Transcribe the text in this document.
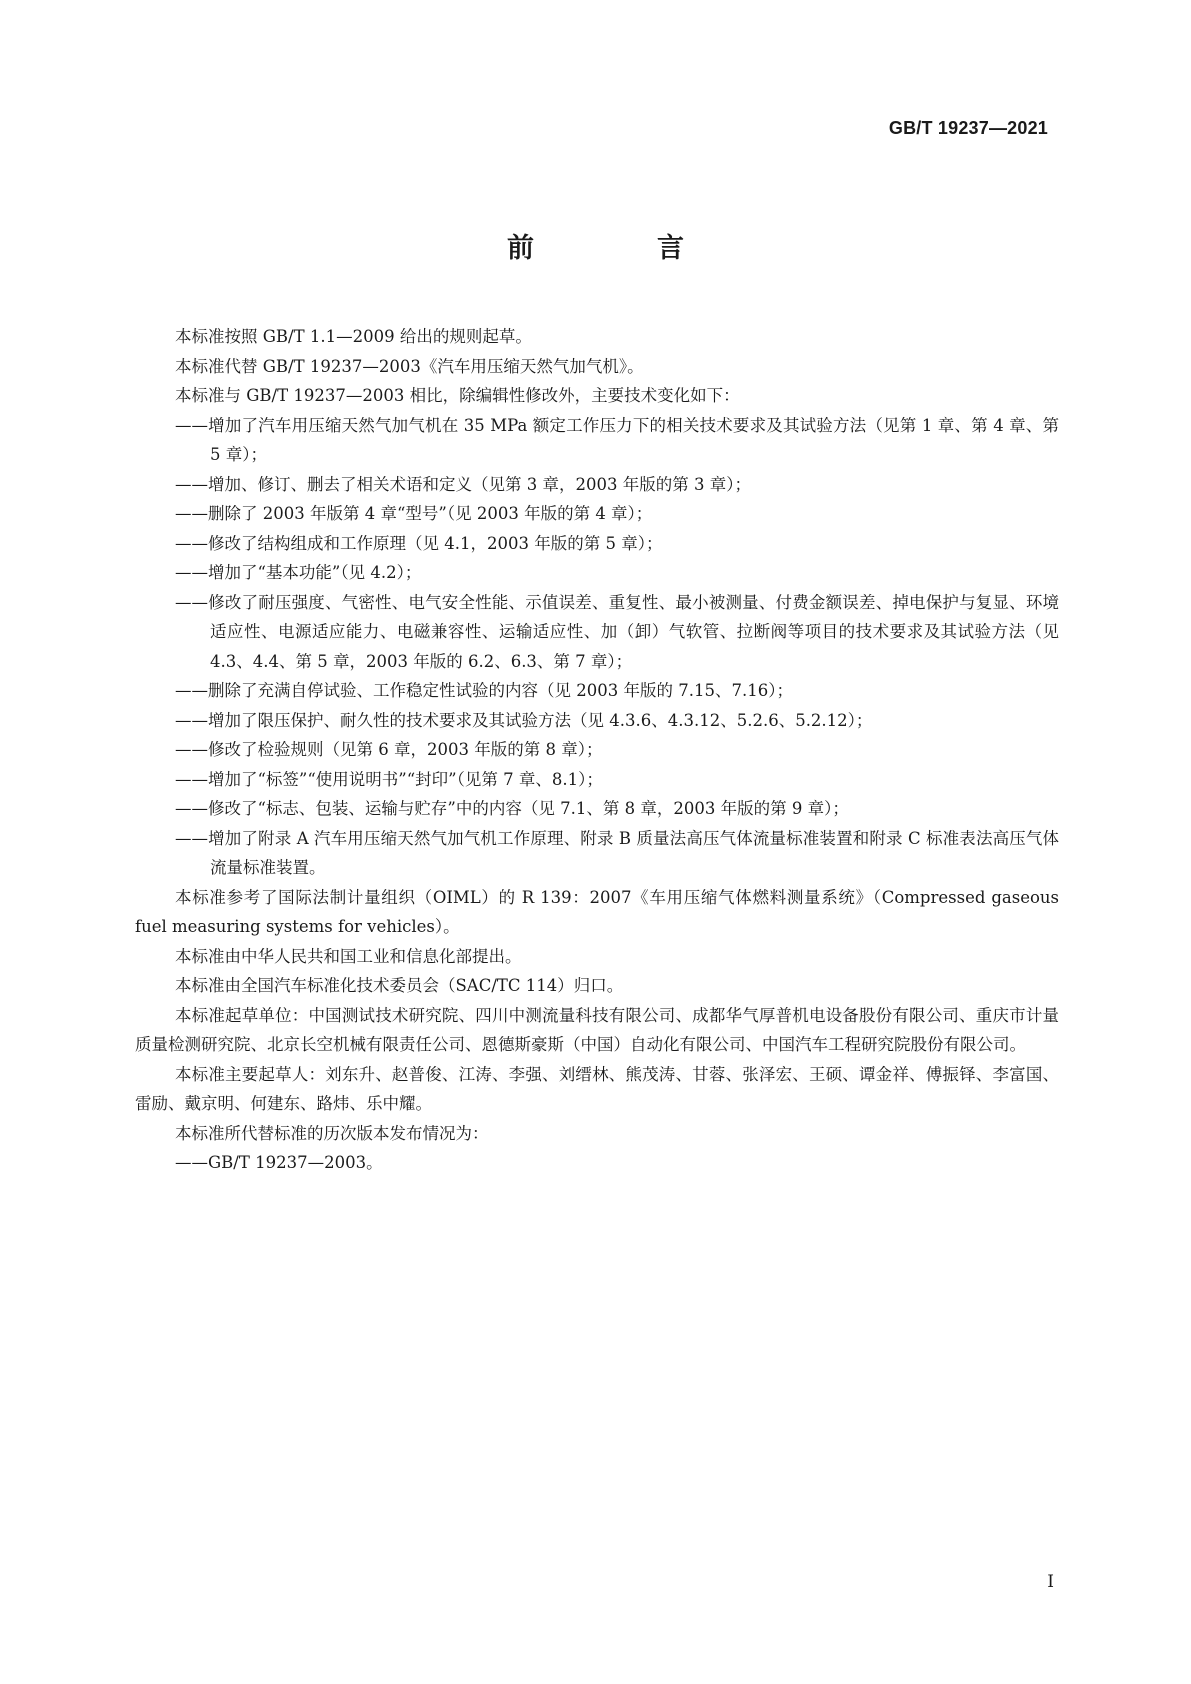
GB/T 19237—2021
前　言

本标准按照 GB/T 1.1—2009 给出的规则起草。

本标准代替 GB/T 19237—2003《汽车用压缩天然气加气机》。

本标准与 GB/T 19237—2003 相比，除编辑性修改外，主要技术变化如下：

——增加了汽车用压缩天然气加气机在 35 MPa 额定工作压力下的相关技术要求及其试验方法（见第 1 章、第 4 章、第 5 章）；

——增加、修订、删去了相关术语和定义（见第 3 章，2003 年版的第 3 章）；

——删除了 2003 年版第 4 章“型号”（见 2003 年版的第 4 章）；

——修改了结构组成和工作原理（见 4.1，2003 年版的第 5 章）；

——增加了“基本功能”（见 4.2）；

——修改了耐压强度、气密性、电气安全性能、示值误差、重复性、最小被测量、付费金额误差、掉电保护与复显、环境适应性、电源适应能力、电磁兼容性、运输适应性、加（卸）气软管、拉断阀等项目的技术要求及其试验方法（见 4.3、4.4、第 5 章，2003 年版的 6.2、6.3、第 7 章）；

——删除了充满自停试验、工作稳定性试验的内容（见 2003 年版的 7.15、7.16）；

——增加了限压保护、耐久性的技术要求及其试验方法（见 4.3.6、4.3.12、5.2.6、5.2.12）；

——修改了检验规则（见第 6 章，2003 年版的第 8 章）；

——增加了“标签”“使用说明书”“封印”（见第 7 章、8.1）；

——修改了“标志、包装、运输与贮存”中的内容（见 7.1、第 8 章，2003 年版的第 9 章）；

——增加了附录 A 汽车用压缩天然气加气机工作原理、附录 B 质量法高压气体流量标准装置和附录 C 标准表法高压气体流量标准装置。

本标准参考了国际法制计量组织（OIML）的 R 139：2007《车用压缩气体燃料测量系统》（Compressed gaseous fuel measuring systems for vehicles）。

本标准由中华人民共和国工业和信息化部提出。

本标准由全国汽车标准化技术委员会（SAC/TC 114）归口。

本标准起草单位：中国测试技术研究院、四川中测流量科技有限公司、成都华气厚普机电设备股份有限公司、重庆市计量质量检测研究院、北京长空机械有限责任公司、恩德斯豪斯（中国）自动化有限公司、中国汽车工程研究院股份有限公司。

本标准主要起草人：刘东升、赵普俊、江涛、李强、刘缙林、熊茂涛、甘蓉、张泽宏、王硕、谭金祥、傅振铎、李富国、雷励、戴京明、何建东、路炜、乐中耀。

本标准所代替标准的历次版本发布情况为：

——GB/T 19237—2003。

I
